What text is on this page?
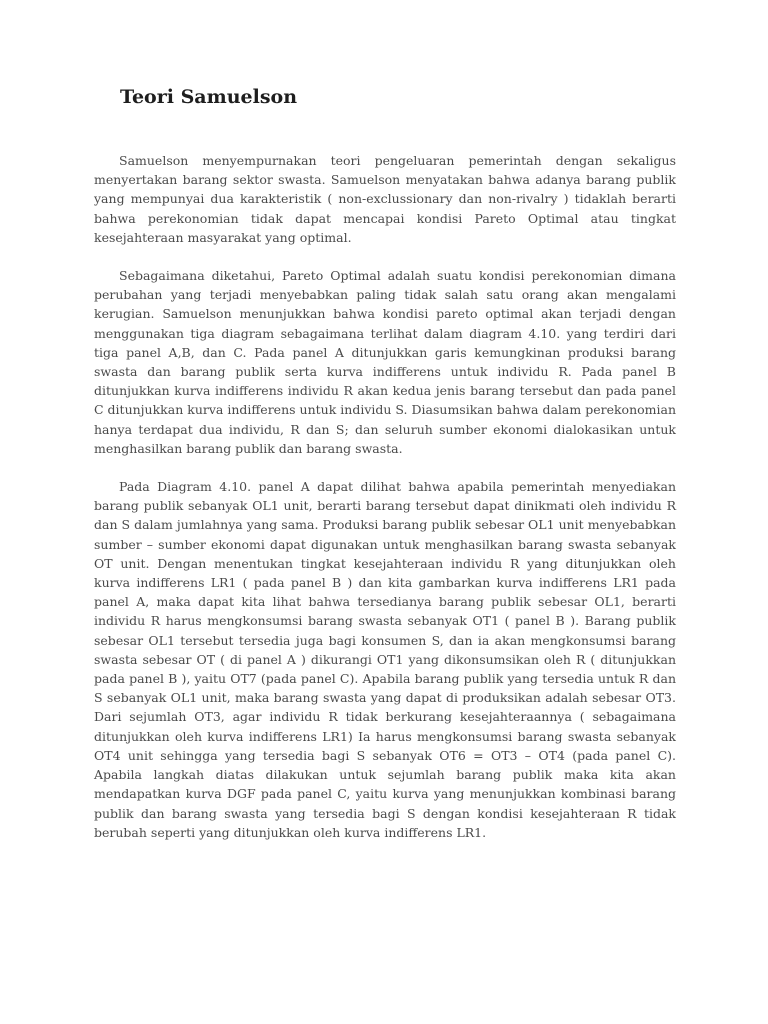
Teori Samuelson

Samuelson menyempurnakan teori pengeluaran pemerintah dengan sekaligus menyertakan barang sektor swasta. Samuelson menyatakan bahwa adanya barang publik yang mempunyai dua karakteristik ( non-exclussionary dan non-rivalry ) tidaklah berarti bahwa perekonomian tidak dapat mencapai kondisi Pareto Optimal atau tingkat kesejahteraan masyarakat yang optimal.

Sebagaimana diketahui, Pareto Optimal adalah suatu kondisi perekonomian dimana perubahan yang terjadi menyebabkan paling tidak salah satu orang akan mengalami kerugian. Samuelson menunjukkan bahwa kondisi pareto optimal akan terjadi dengan menggunakan tiga diagram sebagaimana terlihat dalam diagram 4.10. yang terdiri dari tiga panel A,B, dan C. Pada panel A ditunjukkan garis kemungkinan produksi barang swasta dan barang publik serta kurva indifferens untuk individu R. Pada panel B ditunjukkan kurva indifferens individu R akan kedua jenis barang tersebut dan pada panel C ditunjukkan kurva indifferens untuk individu S. Diasumsikan bahwa dalam perekonomian hanya terdapat dua individu, R dan S; dan seluruh sumber ekonomi dialokasikan untuk menghasilkan barang publik dan barang swasta.

Pada Diagram 4.10. panel A dapat dilihat bahwa apabila pemerintah menyediakan barang publik sebanyak OL1 unit, berarti barang tersebut dapat dinikmati oleh individu R dan S dalam jumlahnya yang sama. Produksi barang publik sebesar OL1 unit menyebabkan sumber – sumber ekonomi dapat digunakan untuk menghasilkan barang swasta sebanyak OT unit. Dengan menentukan tingkat kesejahteraan individu R yang ditunjukkan oleh kurva indifferens LR1 ( pada panel B ) dan kita gambarkan kurva indifferens LR1 pada panel A, maka dapat kita lihat bahwa tersedianya barang publik sebesar OL1, berarti individu R harus mengkonsumsi barang swasta sebanyak OT1 ( panel B ). Barang publik sebesar OL1 tersebut tersedia juga bagi konsumen S, dan ia akan mengkonsumsi barang swasta sebesar OT ( di panel A ) dikurangi OT1 yang dikonsumsikan oleh R ( ditunjukkan pada panel B ), yaitu OT7 (pada panel C). Apabila barang publik yang tersedia untuk R dan S sebanyak OL1 unit, maka barang swasta yang dapat di produksikan adalah sebesar OT3. Dari sejumlah OT3, agar individu R tidak berkurang kesejahteraannya ( sebagaimana ditunjukkan oleh kurva indifferens LR1) Ia harus mengkonsumsi barang swasta sebanyak OT4 unit sehingga yang tersedia bagi S sebanyak OT6 = OT3 – OT4 (pada panel C). Apabila langkah diatas dilakukan untuk sejumlah barang publik maka kita akan mendapatkan kurva DGF pada panel C, yaitu kurva yang menunjukkan kombinasi barang publik dan barang swasta yang tersedia bagi S dengan kondisi kesejahteraan R tidak berubah seperti yang ditunjukkan oleh kurva indifferens LR1.
